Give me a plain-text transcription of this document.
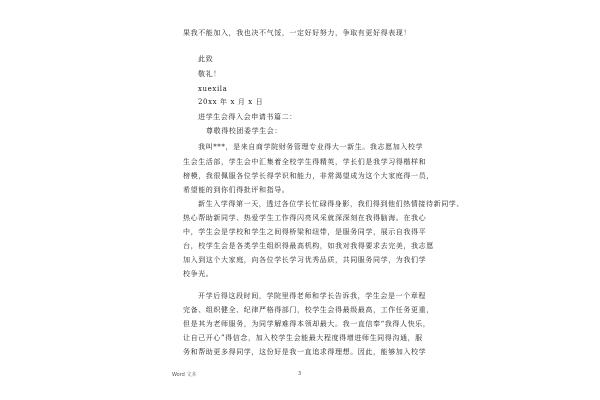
果我不能加入，我也决不气馁，一定好好努力，争取有更好得表现！
此致
敬礼！
xuexila
20xx 年 x 月 x 日
进学生会得入会申请书篇二：
尊敬得校团委学生会：
我叫***，是来自商学院财务管理专业得大一新生。我志愿加入校学
生会生活部，学生会中汇集着全校学生得精英，学长们是我学习得楷样和
榜模，我很佩服各位学长得学识和能力，非常渴望成为这个大家庭得一员，
希望能的到你们得批评和指导。
新生入学得第一天，透过各位学长忙碌得身影，我们得到他们热情接待新同学、
热心帮助新同学、热爱学生工作得闪亮风采就深深刻在我得脑海。在我心
中，学生会是学校和学生之间得桥梁和纽带，是服务同学，展示自我得平
台，校学生会是各类学生组织得最高机构，如我对我得要求去完美，我志愿
加入到这个大家庭，向各位学长学习优秀品质，共同服务同学，为我们学
校争光。
开学后得这段时间，学院里得老师和学长告诉我，学生会是一个章程
完备、组织健全、纪律严格得部门，校学生会得最级最高，工作任务更重，
但是其为老师服务，为同学解难得本领却最大。我一直信奉“我得人快乐，
让自己开心”得信念，加入校学生会能最大程度得增进师生同得沟通，服
务和帮助更多得同学，这份好是我一直追求得理想。因此，能够加入校学
Word 文本	3
